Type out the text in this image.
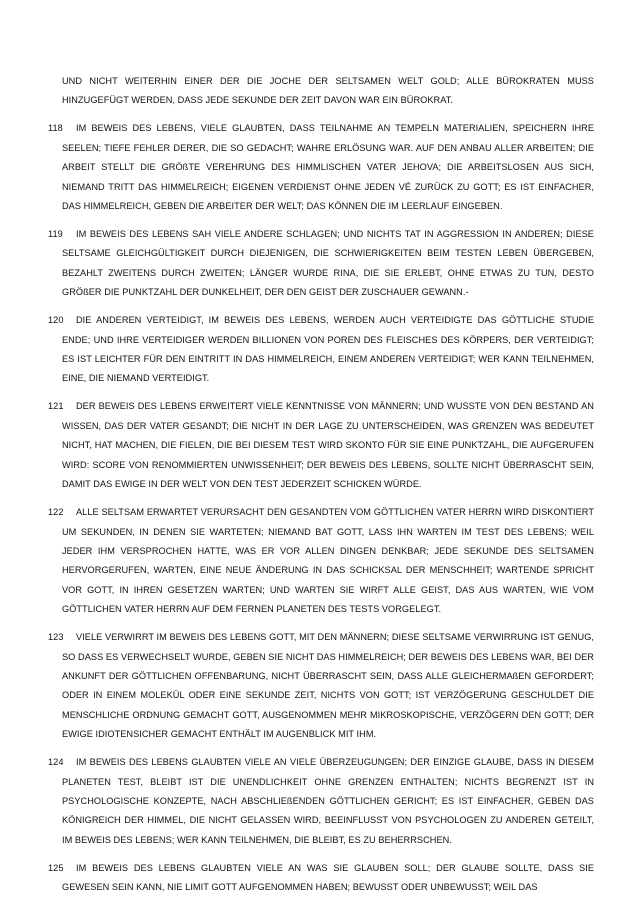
UND NICHT WEITERHIN EINER DER DIE JOCHE DER SELTSAMEN WELT GOLD; ALLE BÜROKRATEN MUSS HINZUGEFÜGT WERDEN, DASS JEDE SEKUNDE DER ZEIT DAVON WAR EIN BÜROKRAT.

118 IM BEWEIS DES LEBENS, VIELE GLAUBTEN, DASS TEILNAHME AN TEMPELN MATERIALIEN, SPEICHERN IHRE SEELEN; TIEFE FEHLER DERER, DIE SO GEDACHT; WAHRE ERLÖSUNG WAR. AUF DEN ANBAU ALLER ARBEITEN; DIE ARBEIT STELLT DIE GRÖßTE VEREHRUNG DES HIMMLISCHEN VATER JEHOVA; DIE ARBEITSLOSEN AUS SICH, NIEMAND TRITT DAS HIMMELREICH; EIGENEN VERDIENST OHNE JEDEN VÉ ZURÜCK ZU GOTT; ES IST EINFACHER, DAS HIMMELREICH, GEBEN DIE ARBEITER DER WELT; DAS KÖNNEN DIE IM LEERLAUF EINGEBEN.

119 IM BEWEIS DES LEBENS SAH VIELE ANDERE SCHLAGEN; UND NICHTS TAT IN AGGRESSION IN ANDEREN; DIESE SELTSAME GLEICHGÜLTIGKEIT DURCH DIEJENIGEN, DIE SCHWIERIGKEITEN BEIM TESTEN LEBEN ÜBERGEBEN, BEZAHLT ZWEITENS DURCH ZWEITEN; LÄNGER WURDE RINA, DIE SIE ERLEBT, OHNE ETWAS ZU TUN, DESTO GRÖßER DIE PUNKTZAHL DER DUNKELHEIT, DER DEN GEIST DER ZUSCHAUER GEWANN.-

120 DIE ANDEREN VERTEIDIGT, IM BEWEIS DES LEBENS, WERDEN AUCH VERTEIDIGTE DAS GÖTTLICHE STUDIE ENDE; UND IHRE VERTEIDIGER WERDEN BILLIONEN VON POREN DES FLEISCHES DES KÖRPERS, DER VERTEIDIGT; ES IST LEICHTER FÜR DEN EINTRITT IN DAS HIMMELREICH, EINEM ANDEREN VERTEIDIGT; WER KANN TEILNEHMEN, EINE, DIE NIEMAND VERTEIDIGT.

121 DER BEWEIS DES LEBENS ERWEITERT VIELE KENNTNISSE VON MÄNNERN; UND WUSSTE VON DEN BESTAND AN WISSEN, DAS DER VATER GESANDT; DIE NICHT IN DER LAGE ZU UNTERSCHEIDEN, WAS GRENZEN WAS BEDEUTET NICHT, HAT MACHEN, DIE FIELEN, DIE BEI DIESEM TEST WIRD SKONTO FÜR SIE EINE PUNKTZAHL, DIE AUFGERUFEN WIRD: SCORE VON RENOMMIERTEN UNWISSENHEIT; DER BEWEIS DES LEBENS, SOLLTE NICHT ÜBERRASCHT SEIN, DAMIT DAS EWIGE IN DER WELT VON DEN TEST JEDERZEIT SCHICKEN WÜRDE.

122 ALLE SELTSAM ERWARTET VERURSACHT DEN GESANDTEN VOM GÖTTLICHEN VATER HERRN WIRD DISKONTIERT UM SEKUNDEN, IN DENEN SIE WARTETEN; NIEMAND BAT GOTT, LASS IHN WARTEN IM TEST DES LEBENS; WEIL JEDER IHM VERSPROCHEN HATTE, WAS ER VOR ALLEN DINGEN DENKBAR; JEDE SEKUNDE DES SELTSAMEN HERVORGERUFEN, WARTEN, EINE NEUE ÄNDERUNG IN DAS SCHICKSAL DER MENSCHHEIT; WARTENDE SPRICHT VOR GOTT, IN IHREN GESETZEN WARTEN; UND WARTEN SIE WIRFT ALLE GEIST, DAS AUS WARTEN, WIE VOM GÖTTLICHEN VATER HERRN AUF DEM FERNEN PLANETEN DES TESTS VORGELEGT.

123 VIELE VERWIRRT IM BEWEIS DES LEBENS GOTT, MIT DEN MÄNNERN; DIESE SELTSAME VERWIRRUNG IST GENUG, SO DASS ES VERWECHSELT WURDE, GEBEN SIE NICHT DAS HIMMELREICH; DER BEWEIS DES LEBENS WAR, BEI DER ANKUNFT DER GÖTTLICHEN OFFENBARUNG, NICHT ÜBERRASCHT SEIN, DASS ALLE GLEICHERMAßEN GEFORDERT; ODER IN EINEM MOLEKÜL ODER EINE SEKUNDE ZEIT, NICHTS VON GOTT; IST VERZÖGERUNG GESCHULDET DIE MENSCHLICHE ORDNUNG GEMACHT GOTT, AUSGENOMMEN MEHR MIKROSKOPISCHE, VERZÖGERN DEN GOTT; DER EWIGE IDIOTENSICHER GEMACHT ENTHÄLT IM AUGENBLICK MIT IHM.

124 IM BEWEIS DES LEBENS GLAUBTEN VIELE AN VIELE ÜBERZEUGUNGEN; DER EINZIGE GLAUBE, DASS IN DIESEM PLANETEN TEST, BLEIBT IST DIE UNENDLICHKEIT OHNE GRENZEN ENTHALTEN; NICHTS BEGRENZT IST IN PSYCHOLOGISCHE KONZEPTE, NACH ABSCHLIEßENDEN GÖTTLICHEN GERICHT; ES IST EINFACHER, GEBEN DAS KÖNIGREICH DER HIMMEL, DIE NICHT GELASSEN WIRD, BEEINFLUSST VON PSYCHOLOGEN ZU ANDEREN GETEILT, IM BEWEIS DES LEBENS; WER KANN TEILNEHMEN, DIE BLEIBT, ES ZU BEHERRSCHEN.

125 IM BEWEIS DES LEBENS GLAUBTEN VIELE AN WAS SIE GLAUBEN SOLL; DER GLAUBE SOLLTE, DASS SIE GEWESEN SEIN KANN, NIE LIMIT GOTT AUFGENOMMEN HABEN; BEWUSST ODER UNBEWUSST; WEIL DAS
